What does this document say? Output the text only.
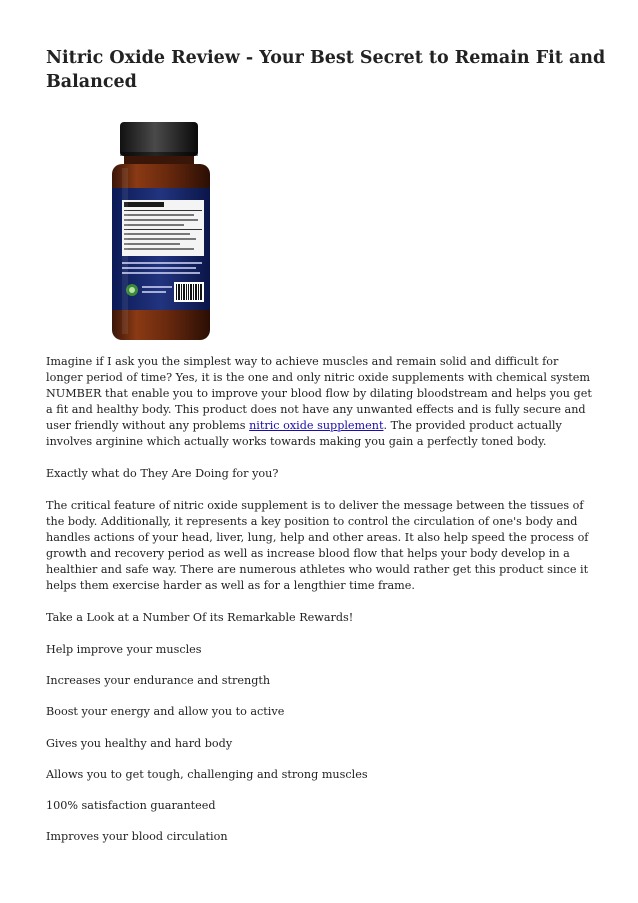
Nitric Oxide Review - Your Best Secret to Remain Fit and Balanced

Imagine if I ask you the simplest way to achieve muscles and remain solid and difficult for longer period of time? Yes, it is the one and only nitric oxide supplements with chemical system NUMBER that enable you to improve your blood flow by dilating bloodstream and helps you get a fit and healthy body. This product does not have any unwanted effects and is fully secure and user friendly without any problems nitric oxide supplement. The provided product actually involves arginine which actually works towards making you gain a perfectly toned body.

Exactly what do They Are Doing for you?

The critical feature of nitric oxide supplement is to deliver the message between the tissues of the body. Additionally, it represents a key position to control the circulation of one's body and handles actions of your head, liver, lung, help and other areas. It also help speed the process of growth and recovery period as well as increase blood flow that helps your body develop in a healthier and safe way. There are numerous athletes who would rather get this product since it helps them exercise harder as well as for a lengthier time frame.

Take a Look at a Number Of its Remarkable Rewards!

Help improve your muscles

Increases your endurance and strength

Boost your energy and allow you to active

Gives you healthy and hard body

Allows you to get tough, challenging and strong muscles

100% satisfaction guaranteed

Improves your blood circulation
